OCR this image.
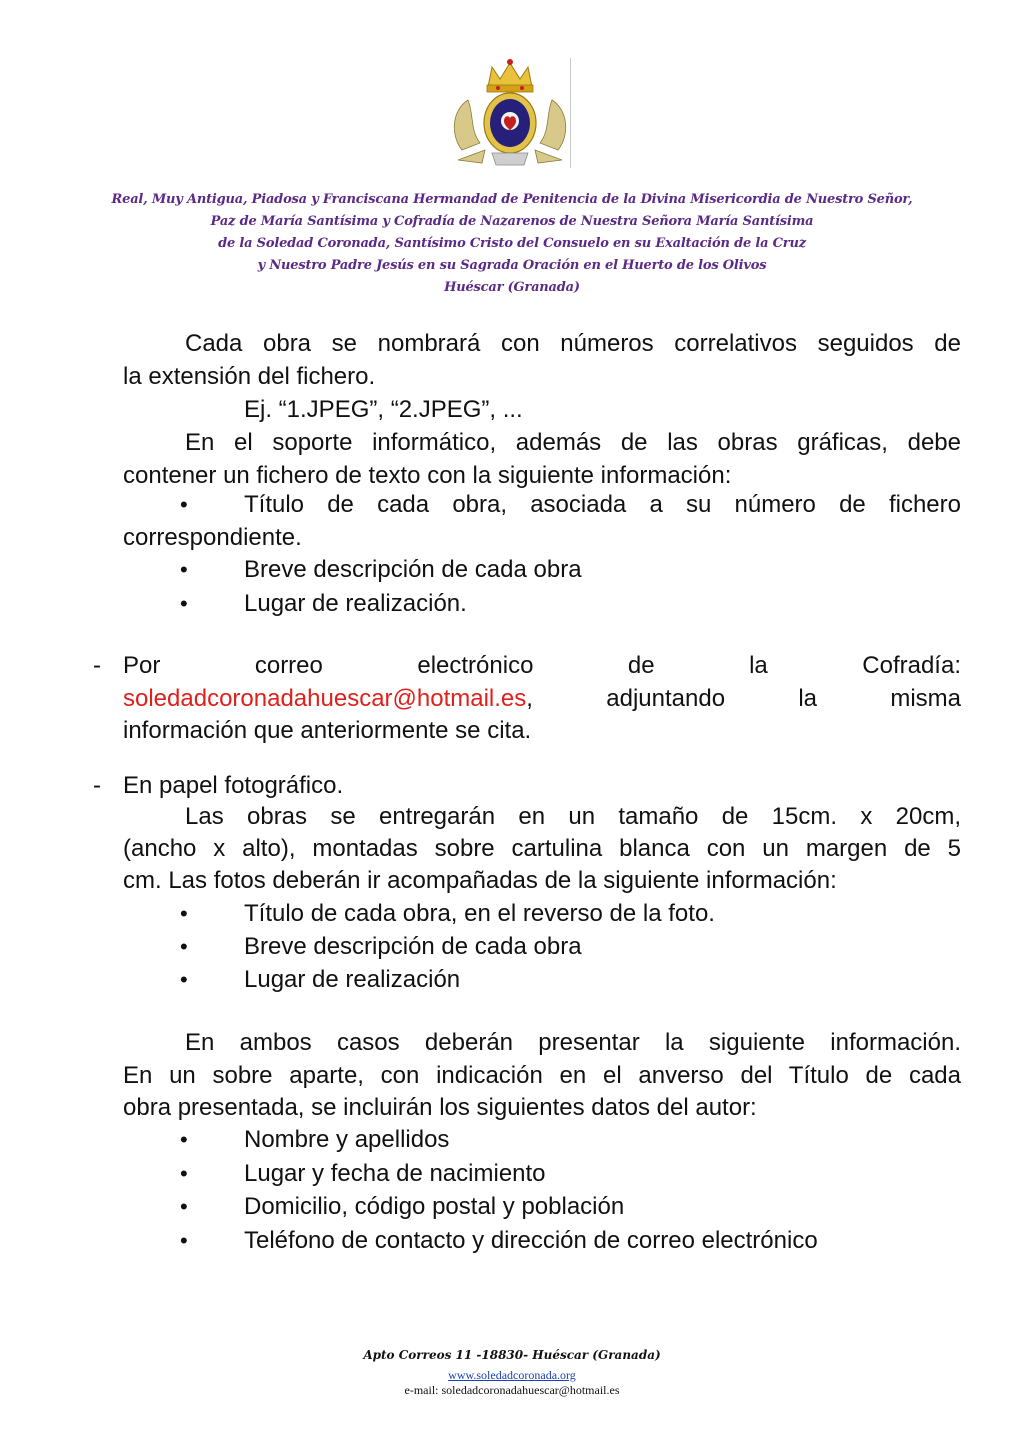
Real, Muy Antigua, Piadosa y Franciscana Hermandad de Penitencia de la Divina Misericordia de Nuestro Señor,
Paz de María Santísima y Cofradía de Nazarenos de Nuestra Señora María Santísima
de la Soledad Coronada, Santísimo Cristo del Consuelo en su Exaltación de la Cruz
y Nuestro Padre Jesús en su Sagrada Oración en el Huerto de los Olivos
Huéscar (Granada)
Cada obra se nombrará con números correlativos seguidos de
la extensión del fichero.
Ej. “1.JPEG”, “2.JPEG”, ...
En el soporte informático, además de las obras gráficas, debe
contener un fichero de texto con la siguiente información:
• Título de cada obra, asociada a su número de fichero
correspondiente.
• Breve descripción de cada obra
• Lugar de realización.
- Por	correo	electrónico	de	la	Cofradía:
soledadcoronadahuescar@hotmail.es, adjuntando la misma
información que anteriormente se cita.
- En papel fotográfico.
Las obras se entregarán en un tamaño de 15cm. x 20cm,
(ancho x alto), montadas sobre cartulina blanca con un margen de 5
cm. Las fotos deberán ir acompañadas de la siguiente información:
• Título de cada obra, en el reverso de la foto.
• Breve descripción de cada obra
• Lugar de realización
En ambos casos deberán presentar la siguiente información.
En un sobre aparte, con indicación en el anverso del Título de cada
obra presentada, se incluirán los siguientes datos del autor:
• Nombre y apellidos
• Lugar y fecha de nacimiento
• Domicilio, código postal y población
• Teléfono de contacto y dirección de correo electrónico
Apto Correos 11 -18830- Huéscar (Granada)
www.soledadcoronada.org
e-mail: soledadcoronadahuescar@hotmail.es
